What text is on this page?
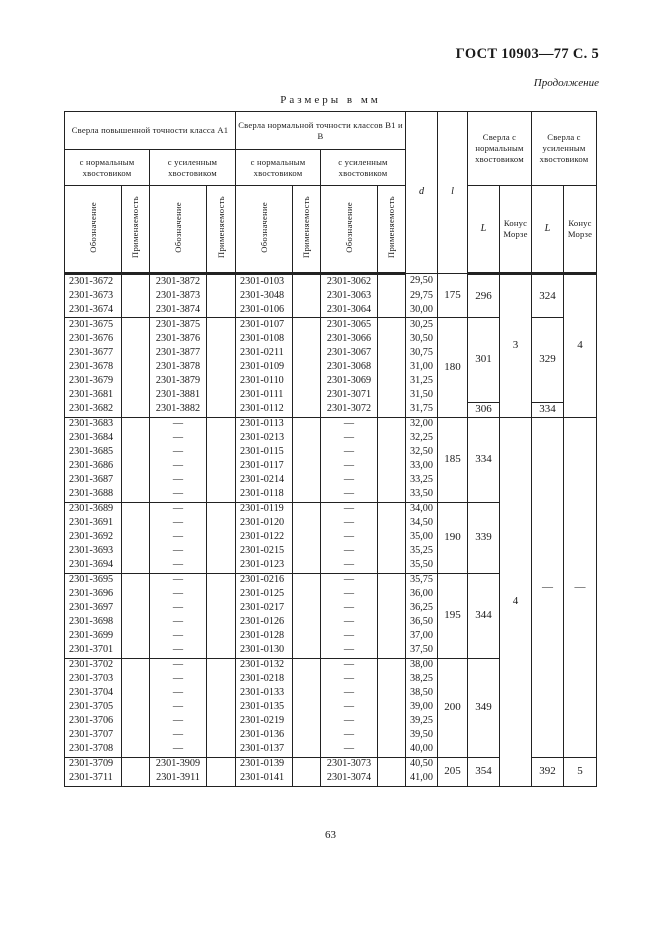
ГОСТ 10903—77 С. 5
Продолжение
Размеры в мм
Сверла повышенной точности класса А1				Сверла нормальной точности классов В1 и В				d	l	Сверла с нормальным хвостовиком		Сверла с усиленным хвостовиком	
с нормальным хвостовиком		с усиленным хвостовиком		с нормальным хвостовиком		с усиленным хвостовиком							
Обозначение	Применяемость	Обозначение	Применяемость	Обозначение	Применяемость	Обозначение	Применяемость			L	Конус Морзе	L	Конус Морзе
2301-3672		2301-3872		2301-0103		2301-3062		29,50	175	296	3	324	4
2301-3673		2301-3873		2301-3048		2301-3063		29,75					
2301-3674		2301-3874		2301-0106		2301-3064		30,00					
2301-3675		2301-3875		2301-0107		2301-3065		30,25	180	301		329	
2301-3676		2301-3876		2301-0108		2301-3066		30,50					
2301-3677		2301-3877		2301-0211		2301-3067		30,75					
2301-3678		2301-3878		2301-0109		2301-3068		31,00					
2301-3679		2301-3879		2301-0110		2301-3069		31,25					
2301-3681		2301-3881		2301-0111		2301-3071		31,50					
2301-3682		2301-3882		2301-0112		2301-3072		31,75		306		334	
2301-3683		—		2301-0113		—		32,00	185	334	4	—	—
2301-3684		—		2301-0213		—		32,25					
2301-3685		—		2301-0115		—		32,50					
2301-3686		—		2301-0117		—		33,00					
2301-3687		—		2301-0214		—		33,25					
2301-3688		—		2301-0118		—		33,50					
2301-3689		—		2301-0119		—		34,00	190	339			
2301-3691		—		2301-0120		—		34,50					
2301-3692		—		2301-0122		—		35,00					
2301-3693		—		2301-0215		—		35,25					
2301-3694		—		2301-0123		—		35,50					
2301-3695		—		2301-0216		—		35,75	195	344			
2301-3696		—		2301-0125		—		36,00					
2301-3697		—		2301-0217		—		36,25					
2301-3698		—		2301-0126		—		36,50					
2301-3699		—		2301-0128		—		37,00					
2301-3701		—		2301-0130		—		37,50					
2301-3702		—		2301-0132		—		38,00	200	349			
2301-3703		—		2301-0218		—		38,25					
2301-3704		—		2301-0133		—		38,50					
2301-3705		—		2301-0135		—		39,00					
2301-3706		—		2301-0219		—		39,25					
2301-3707		—		2301-0136		—		39,50					
2301-3708		—		2301-0137		—		40,00					
2301-3709		2301-3909		2301-0139		2301-3073		40,50	205	354		392	5
2301-3711		2301-3911		2301-0141		2301-3074		41,00					
63
